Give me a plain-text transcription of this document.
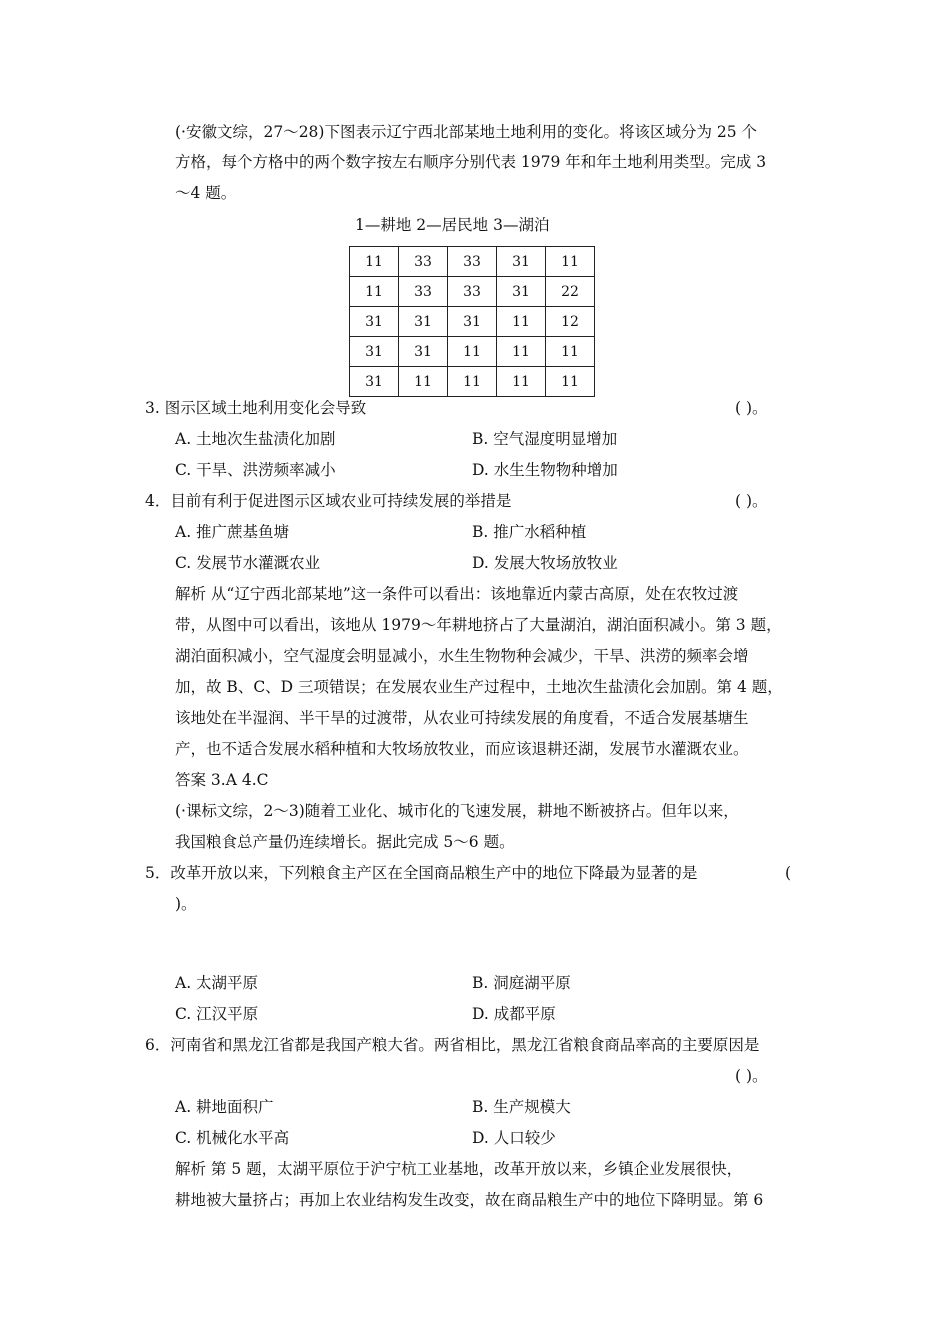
(·安徽文综，27～28)下图表示辽宁西北部某地土地利用的变化。将该区域分为 25 个
方格，每个方格中的两个数字按左右顺序分别代表 1979 年和年土地利用类型。完成 3
～4 题。
1—耕地 2—居民地 3—湖泊
11	33	33	31	11
11	33	33	31	22
31	31	31	11	12
31	31	11	11	11
31	11	11	11	11
3. 图示区域土地利用变化会导致	( )。
A. 土地次生盐渍化加剧	B. 空气湿度明显增加
C. 干旱、洪涝频率减小	D. 水生生物物种增加
4．目前有利于促进图示区域农业可持续发展的举措是	( )。
A. 推广蔗基鱼塘	B. 推广水稻种植
C. 发展节水灌溉农业	D. 发展大牧场放牧业
解析 从“辽宁西北部某地”这一条件可以看出：该地靠近内蒙古高原，处在农牧过渡
带，从图中可以看出，该地从 1979～年耕地挤占了大量湖泊，湖泊面积减小。第 3 题，
湖泊面积减小，空气湿度会明显减小，水生生物物种会减少，干旱、洪涝的频率会增
加，故 B、C、D 三项错误；在发展农业生产过程中，土地次生盐渍化会加剧。第 4 题，
该地处在半湿润、半干旱的过渡带，从农业可持续发展的角度看，不适合发展基塘生
产，也不适合发展水稻种植和大牧场放牧业，而应该退耕还湖，发展节水灌溉农业。
答案 3.A 4.C
(·课标文综，2～3)随着工业化、城市化的飞速发展，耕地不断被挤占。但年以来，
我国粮食总产量仍连续增长。据此完成 5～6 题。
5．改革开放以来，下列粮食主产区在全国商品粮生产中的地位下降最为显著的是	(
)。
A. 太湖平原	B. 洞庭湖平原
C. 江汉平原	D. 成都平原
6．河南省和黑龙江省都是我国产粮大省。两省相比，黑龙江省粮食商品率高的主要原因是
( )。
A. 耕地面积广	B. 生产规模大
C. 机械化水平高	D. 人口较少
解析 第 5 题，太湖平原位于沪宁杭工业基地，改革开放以来，乡镇企业发展很快，
耕地被大量挤占；再加上农业结构发生改变，故在商品粮生产中的地位下降明显。第 6
